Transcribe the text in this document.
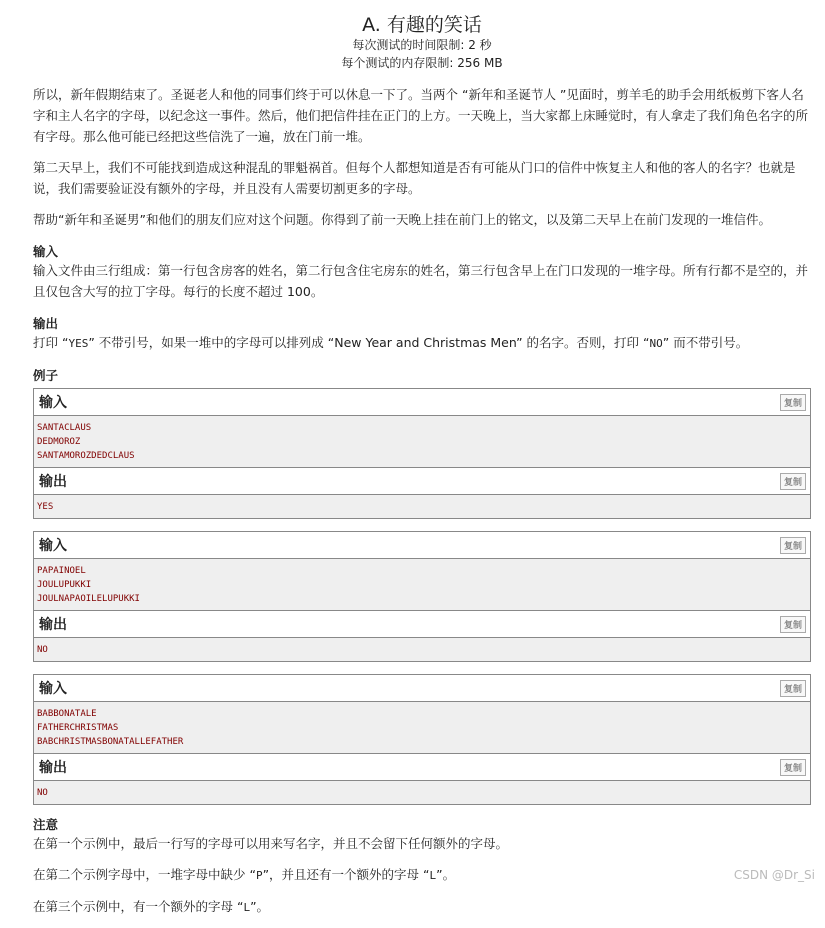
A. 有趣的笑话
每次测试的时间限制: 2 秒
每个测试的内存限制: 256 MB

所以，新年假期结束了。圣诞老人和他的同事们终于可以休息一下了。当两个 “新年和圣诞节人 ”见面时，剪羊毛的助手会用纸板剪下客人名字和主人名字的字母，以纪念这一事件。然后，他们把信件挂在正门的上方。一天晚上，当大家都上床睡觉时，有人拿走了我们角色名字的所有字母。那么他可能已经把这些信洗了一遍，放在门前一堆。

第二天早上，我们不可能找到造成这种混乱的罪魁祸首。但每个人都想知道是否有可能从门口的信件中恢复主人和他的客人的名字？也就是说，我们需要验证没有额外的字母，并且没有人需要切割更多的字母。

帮助“新年和圣诞男”和他们的朋友们应对这个问题。你得到了前一天晚上挂在前门上的铭文，以及第二天早上在前门发现的一堆信件。

输入

输入文件由三行组成：第一行包含房客的姓名，第二行包含住宅房东的姓名，第三行包含早上在门口发现的一堆字母。所有行都不是空的，并且仅包含大写的拉丁字母。每行的长度不超过 100。

输出

打印 “YES” 不带引号，如果一堆中的字母可以排列成 “New Year and Christmas Men” 的名字。否则，打印 “NO” 而不带引号。

例子
输入	复制
SANTACLAUS
DEDMOROZ
SANTAMOROZDEDCLAUS
输出	复制
YES
输入	复制
PAPAINOEL
JOULUPUKKI
JOULNAPAOILELUPUKKI
输出	复制
NO
输入	复制
BABBONATALE
FATHERCHRISTMAS
BABCHRISTMASBONATALLEFATHER
输出	复制
NO
注意

在第一个示例中，最后一行写的字母可以用来写名字，并且不会留下任何额外的字母。

在第二个示例字母中，一堆字母中缺少 “P”，并且还有一个额外的字母 “L”。

在第三个示例中，有一个额外的字母 “L”。

CSDN @Dr_Si
